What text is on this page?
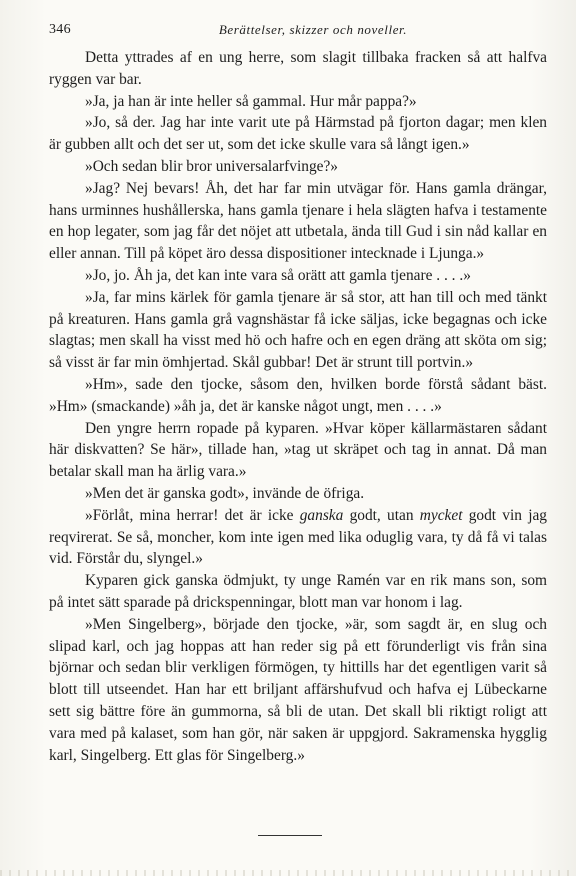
346	Berättelser, skizzer och noveller.

Detta yttrades af en ung herre, som slagit tillbaka fracken så att halfva ryggen var bar.

»Ja, ja han är inte heller så gammal. Hur mår pappa?»

»Jo, så der. Jag har inte varit ute på Härmstad på fjorton dagar; men klen är gubben allt och det ser ut, som det icke skulle vara så långt igen.»

»Och sedan blir bror universalarfvinge?»

»Jag? Nej bevars! Åh, det har far min utvägar för. Hans gamla drängar, hans urminnes hushållerska, hans gamla tjenare i hela slägten hafva i testamente en hop legater, som jag får det nöjet att utbetala, ända till Gud i sin nåd kallar en eller annan. Till på köpet äro dessa dispositioner intecknade i Ljunga.»

»Jo, jo. Åh ja, det kan inte vara så orätt att gamla tjenare . . . .»

»Ja, far mins kärlek för gamla tjenare är så stor, att han till och med tänkt på kreaturen. Hans gamla grå vagnshästar få icke säljas, icke begagnas och icke slagtas; men skall ha visst med hö och hafre och en egen dräng att sköta om sig; så visst är far min ömhjertad. Skål gubbar! Det är strunt till portvin.»

»Hm», sade den tjocke, såsom den, hvilken borde förstå sådant bäst. »Hm» (smackande) »åh ja, det är kanske något ungt, men . . . .»

Den yngre herrn ropade på kyparen. »Hvar köper källarmästaren sådant här diskvatten? Se här», tillade han, »tag ut skräpet och tag in annat. Då man betalar skall man ha ärlig vara.»

»Men det är ganska godt», invände de öfriga.

»Förlåt, mina herrar! det är icke ganska godt, utan mycket godt vin jag reqvirerat. Se så, moncher, kom inte igen med lika oduglig vara, ty då få vi talas vid. Förstår du, slyngel.»

Kyparen gick ganska ödmjukt, ty unge Ramén var en rik mans son, som på intet sätt sparade på drickspenningar, blott man var honom i lag.

»Men Singelberg», började den tjocke, »är, som sagdt är, en slug och slipad karl, och jag hoppas att han reder sig på ett förunderligt vis från sina björnar och sedan blir verkligen förmögen, ty hittills har det egentligen varit så blott till utseendet. Han har ett briljant affärshufvud och hafva ej Lübeckarne sett sig bättre före än gummorna, så bli de utan. Det skall bli riktigt roligt att vara med på kalaset, som han gör, när saken är uppgjord. Sakramenska hygglig karl, Singelberg. Ett glas för Singelberg.»
